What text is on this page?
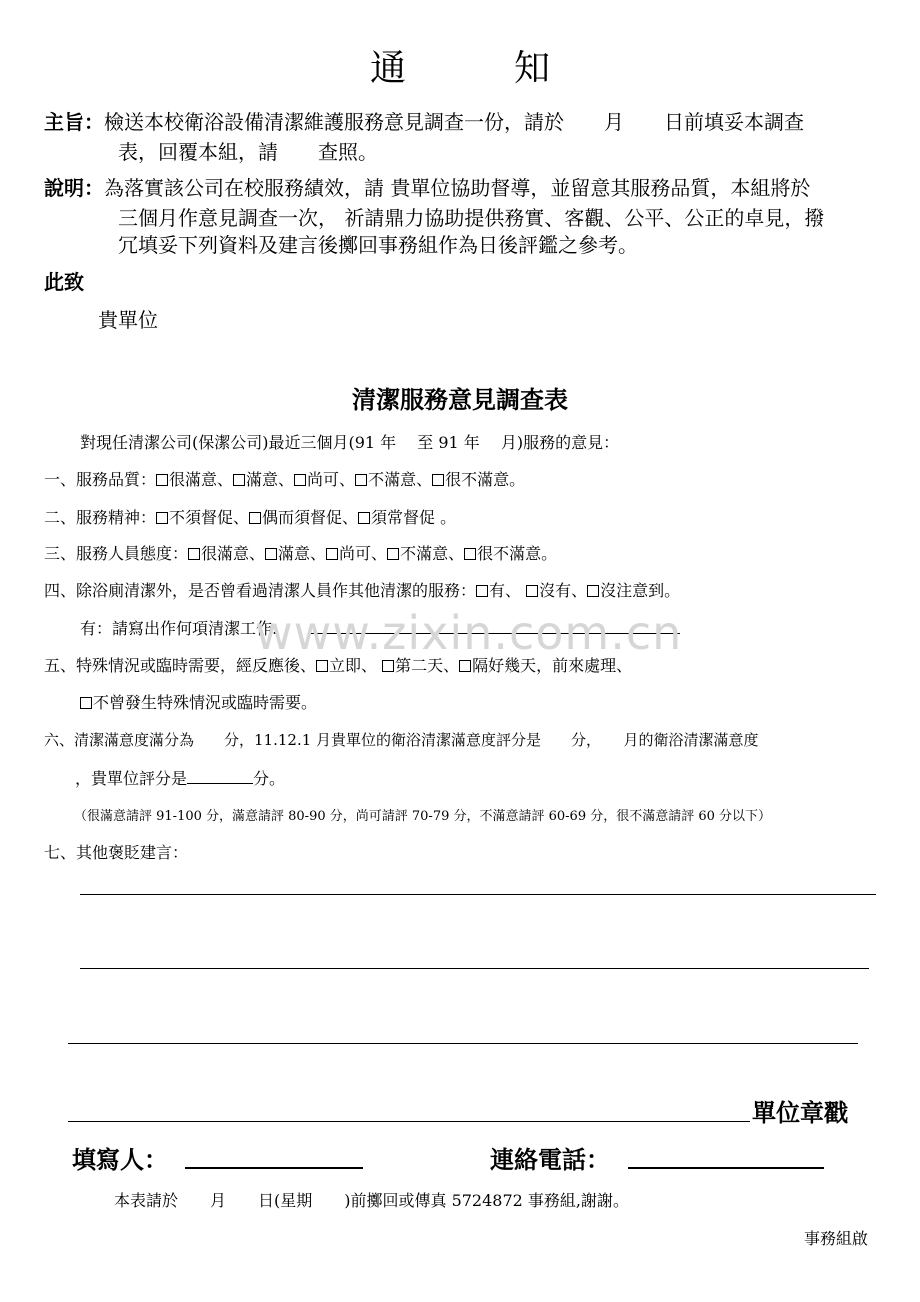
通　知
主旨：檢送本校衛浴設備清潔維護服務意見調查一份，請於　　月　　日前填妥本調查
表，回覆本組，請　　查照。
說明：為落實該公司在校服務績效，請 貴單位協助督導，並留意其服務品質，本組將於
三個月作意見調查一次， 祈請鼎力協助提供務實、客觀、公平、公正的卓見，撥
冗填妥下列資料及建言後擲回事務組作為日後評鑑之參考。
此致
貴單位
清潔服務意見調查表
對現任清潔公司(保潔公司)最近三個月(91 年　 至 91 年　 月)服務的意見：
一、服務品質： 很滿意、 滿意、 尚可、 不滿意、 很不滿意。
二、服務精神： 不須督促、 偶而須督促、 須常督促 。
三、服務人員態度： 很滿意、 滿意、 尚可、 不滿意、 很不滿意。
四、除浴廁清潔外，是否曾看過清潔人員作其他清潔的服務： 有、 沒有、 沒注意到。
有：請寫出作何項清潔工作:
www.zixin.com.cn
五、特殊情況或臨時需要，經反應後、 立即、 第二天、 隔好幾天，前來處理、
不曾發生特殊情況或臨時需要。
六、清潔滿意度滿分為　　分，11.12.1 月貴單位的衛浴清潔滿意度評分是　　分，　　月的衛浴清潔滿意度
，貴單位評分是	分。
（很滿意請評 91-100 分，滿意請評 80-90 分，尚可請評 70-79 分，不滿意請評 60-69 分，很不滿意請評 60 分以下）
七、其他褒貶建言：
單位章戳
填寫人：	連絡電話：
本表請於　　月　　日(星期　　)前擲回或傳真 5724872 事務組,謝謝。
事務組啟
